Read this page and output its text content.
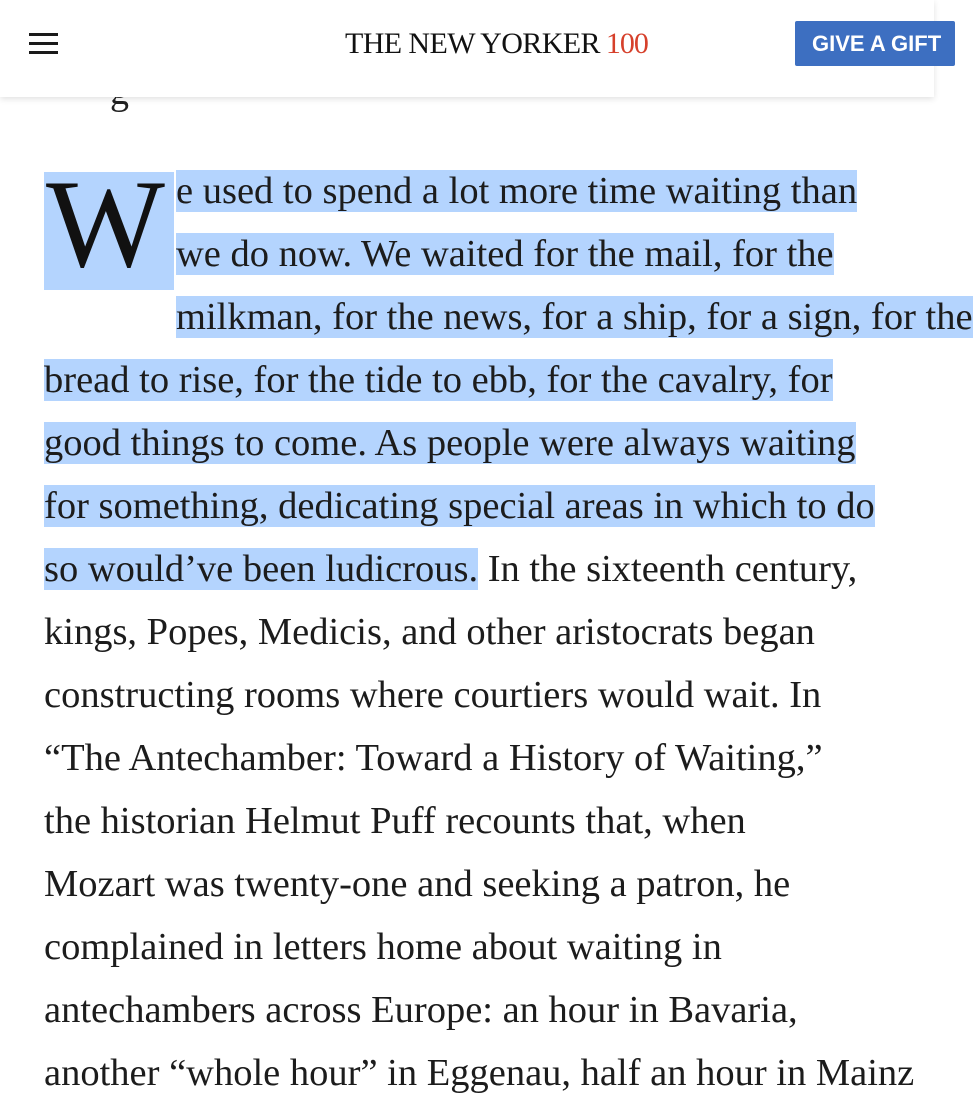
THE NEW YORKER 100	GIVE A GIFT
W e used to spend a lot more time waiting than
we do now. We waited for the mail, for the
milkman, for the news, for a ship, for a sign, for the
bread to rise, for the tide to ebb, for the cavalry, for
good things to come. As people were always waiting
for something, dedicating special areas in which to do
so would’ve been ludicrous. In the sixteenth century,
kings, Popes, Medicis, and other aristocrats began
constructing rooms where courtiers would wait. In
“The Antechamber: Toward a History of Waiting,”
the historian Helmut Puff recounts that, when
Mozart was twenty-one and seeking a patron, he
complained in letters home about waiting in
antechambers across Europe: an hour in Bavaria,
another “whole hour” in Eggenau, half an hour in Mainz
